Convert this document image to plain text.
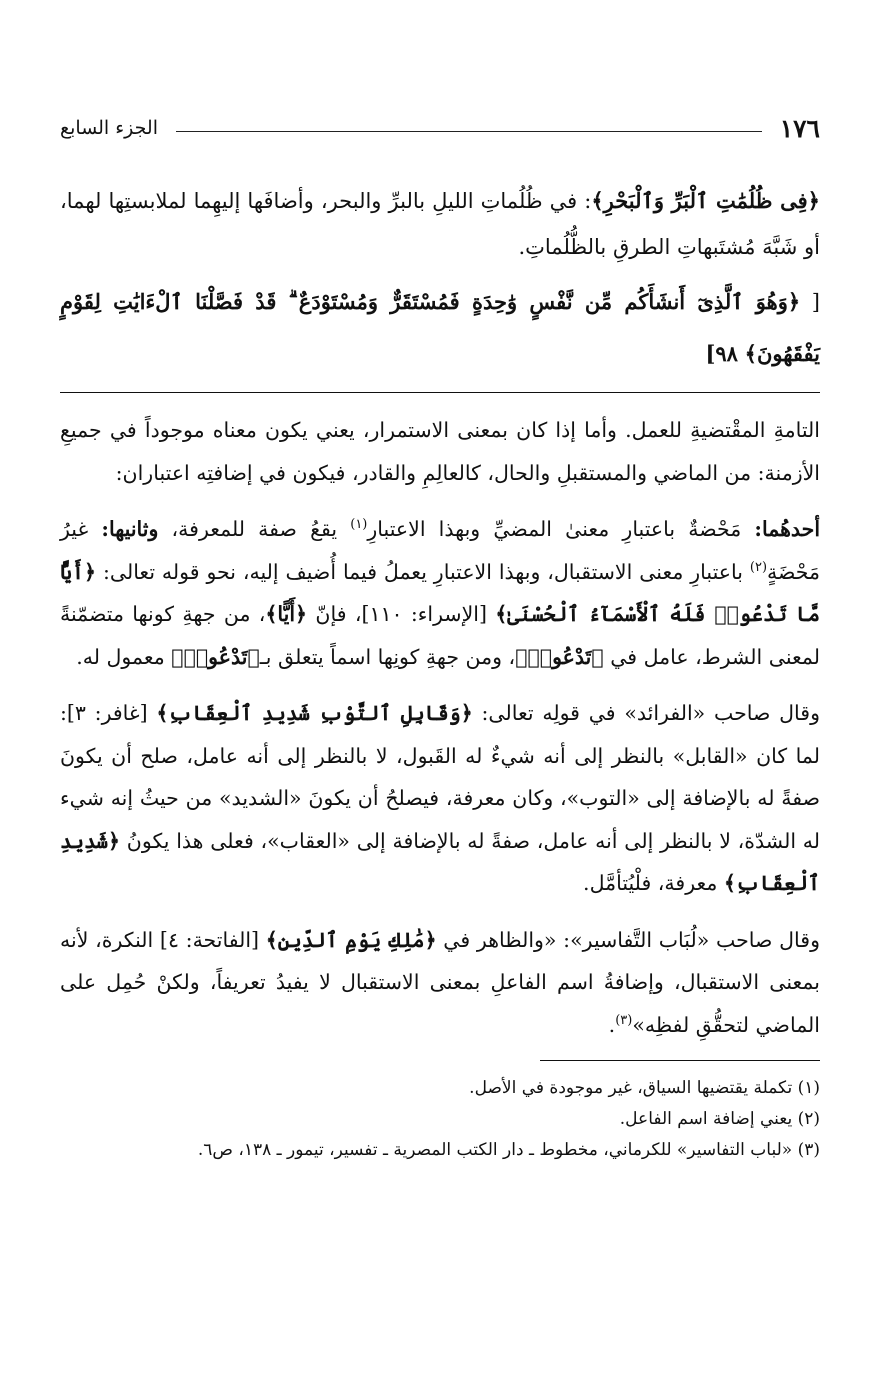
١٧٦
الجزء السابع

﴿فِى ظُلُمَٰتِ ٱلْبَرِّ وَٱلْبَحْرِ﴾: في ظُلُماتِ الليلِ بالبرِّ والبحر، وأضافَها إليهِما لملابستِها لهما، أو شَبَّهَ مُشتَبهاتِ الطرقِ بالظُّلُماتِ.

[ ﴿وَهُوَ ٱلَّذِىٓ أَنشَأَكُم مِّن نَّفْسٍ وَٰحِدَةٍ فَمُسْتَقَرٌّ وَمُسْتَوْدَعٌ ۗ قَدْ فَصَّلْنَا ٱلْءَايَٰتِ لِقَوْمٍ يَفْقَهُونَ﴾ ٩٨]

التامةِ المقْتضيةِ للعمل. وأما إذا كان بمعنى الاستمرار، يعني يكون معناه موجوداً في جميعِ الأزمنة: من الماضي والمستقبلِ والحال، كالعالِمِ والقادر، فيكون في إضافتِه اعتباران:

أحدهُما: مَحْضةٌ باعتبارِ معنىٰ المضيِّ وبهذا الاعتبارِ$^{(١)}$ يقعُ صفة للمعرفة، وثانيها: غيرُ مَحْضَةٍ$^{(٢)}$ باعتبارِ معنى الاستقبال، وبهذا الاعتبارِ يعملُ فيما أُضيف إليه، نحو قوله تعالى: ﴿أَيًّا مَّا تَدْعُوا۟ فَلَهُ ٱلْأَسْمَآءُ ٱلْحُسْنَىٰ﴾ [الإسراء: ١١٠]، فإنّ ﴿أَيًّا﴾، من جهةِ كونها متضمّنةً لمعنى الشرط، عامل في ﴿تَدْعُوا۟﴾، ومن جهةِ كونِها اسماً يتعلق بـ﴿تَدْعُوا۟﴾ معمول له.

وقال صاحب «الفرائد» في قولِه تعالى: ﴿وَقَابِلِ ٱلتَّوْبِ شَدِيدِ ٱلْعِقَابِ﴾ [غافر: ٣]: لما كان «القابل» بالنظر إلى أنه شيءٌ له القَبول، لا بالنظر إلى أنه عامل، صلح أن يكونَ صفةً له بالإضافة إلى «التوب»، وكان معرفة، فيصلحُ أن يكونَ «الشديد» من حيثُ إنه شيء له الشدّة، لا بالنظر إلى أنه عامل، صفةً له بالإضافة إلى «العقاب»، فعلى هذا يكونُ ﴿شَدِيدِ ٱلْعِقَابِ﴾ معرفة، فلْيُتأمَّل.

وقال صاحب «لُبَاب التَّفاسير»: «والظاهر في ﴿مَٰلِكِ يَوْمِ ٱلدِّينِ﴾ [الفاتحة: ٤] النكرة، لأنه بمعنى الاستقبال، وإضافةُ اسم الفاعلِ بمعنى الاستقبال لا يفيدُ تعريفاً، ولكنْ حُمِل على الماضي لتحقُّقِ لفظِه»$^{(٣)}$.

(١) تكملة يقتضيها السياق، غير موجودة في الأصل.

(٢) يعني إضافة اسم الفاعل.

(٣) «لباب التفاسير» للكرماني، مخطوط ـ دار الكتب المصرية ـ تفسير، تيمور ـ ١٣٨، ص٦.
